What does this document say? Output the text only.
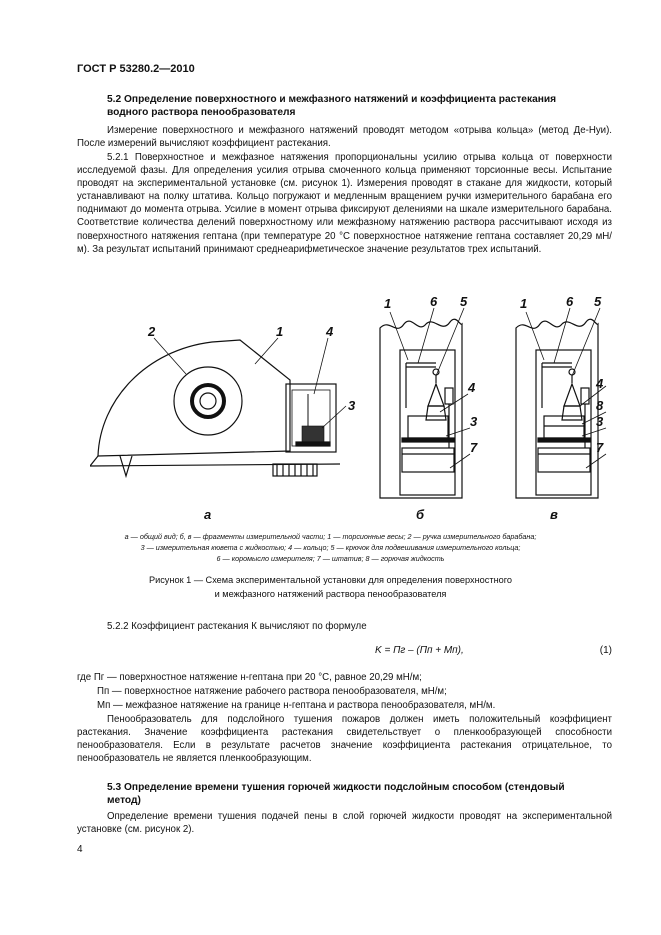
ГОСТ Р 53280.2—2010
5.2 Определение поверхностного и межфазного натяжений и коэффициента растекания водного раствора пенообразователя
Измерение поверхностного и межфазного натяжений проводят методом «отрыва кольца» (метод Де-Нуи). После измерений вычисляют коэффициент растекания.
5.2.1 Поверхностное и межфазное натяжения пропорциональны усилию отрыва кольца от поверхности исследуемой фазы. Для определения усилия отрыва смоченного кольца применяют торсионные весы. Испытание проводят на экспериментальной установке (см. рисунок 1). Измерения проводят в стакане для жидкости, который устанавливают на полку штатива. Кольцо погружают и медленным вращением ручки измерительного барабана его поднимают до момента отрыва. Усилие в момент отрыва фиксируют делениями на шкале измерительного барабана. Соответствие количества делений поверхностному или межфазному натяжению раствора рассчитывают исходя из поверхностного натяжения гептана (при температуре 20 °С поверхностное натяжение гептана составляет 20,29 мН/м). За результат испытаний принимают среднеарифметическое значение результатов трех испытаний.
2	1	4
3
а
1	6 5
4
3
7
б
1	6 5
4
8
3
7
в
а — общий вид; б, в — фрагменты измерительной части; 1 — торсионные весы; 2 — ручка измерительного барабана;
3 — измерительная кювета с жидкостью; 4 — кольцо; 5 — крючок для подвешивания измерительного кольца;
6 — коромысло измерителя; 7 — штатив; 8 — горючая жидкость
Рисунок 1 — Схема экспериментальной установки для определения поверхностного
и межфазного натяжений раствора пенообразователя
5.2.2 Коэффициент растекания К вычисляют по формуле
K = Пг – (Пп + Мп),	(1)
где Пг — поверхностное натяжение н-гептана при 20 °С, равное 20,29 мН/м;
Пп — поверхностное натяжение рабочего раствора пенообразователя, мН/м;
Мп — межфазное натяжение на границе н-гептана и раствора пенообразователя, мН/м.
Пенообразователь для подслойного тушения пожаров должен иметь положительный коэффициент растекания. Значение коэффициента растекания свидетельствует о пленкообразующей способности пенообразователя. Если в результате расчетов значение коэффициента растекания отрицательное, то пенообразователь не является пленкообразующим.
5.3 Определение времени тушения горючей жидкости подслойным способом (стендовый метод)
Определение времени тушения подачей пены в слой горючей жидкости проводят на экспериментальной установке (см. рисунок 2).
4
